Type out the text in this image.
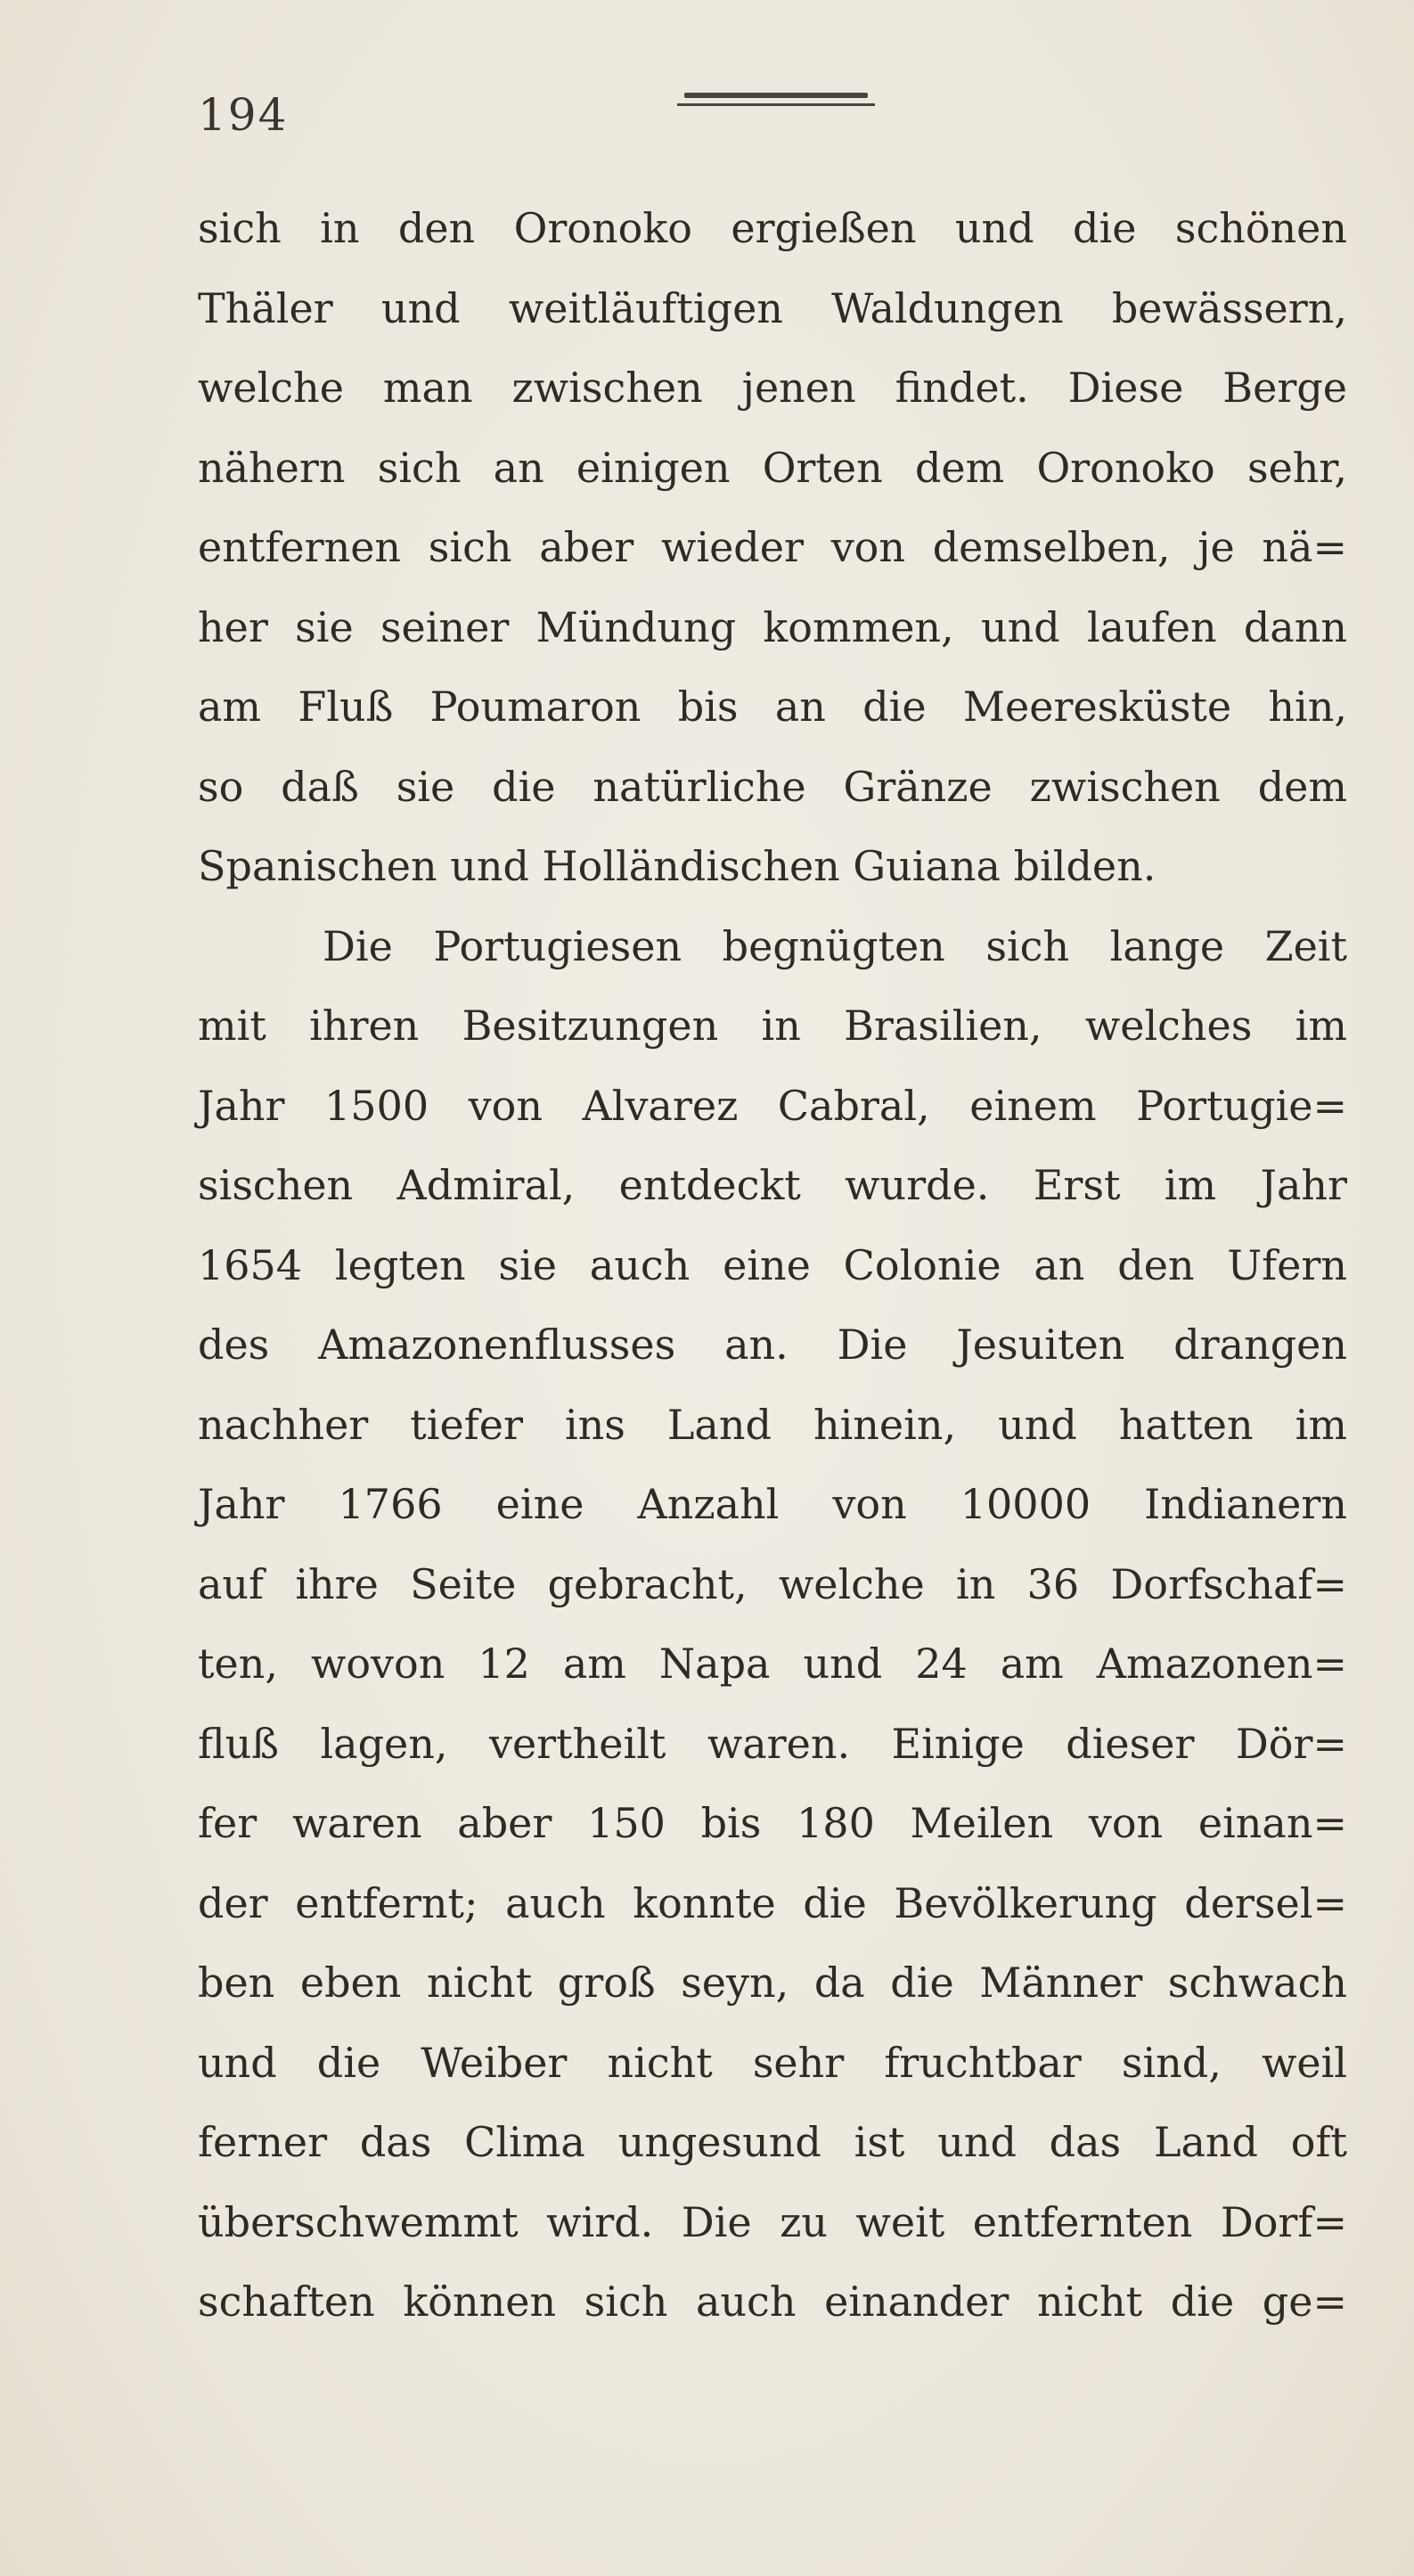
194
sich in den Oronoko ergießen und die schönen
Thäler und weitläuftigen Waldungen bewässern,
welche man zwischen jenen findet. Diese Berge
nähern sich an einigen Orten dem Oronoko sehr,
entfernen sich aber wieder von demselben, je nä=
her sie seiner Mündung kommen, und laufen dann
am Fluß Poumaron bis an die Meeresküste hin,
so daß sie die natürliche Gränze zwischen dem
Spanischen und Holländischen Guiana bilden.
Die Portugiesen begnügten sich lange Zeit
mit ihren Besitzungen in Brasilien, welches im
Jahr 1500 von Alvarez Cabral, einem Portugie=
sischen Admiral, entdeckt wurde. Erst im Jahr
1654 legten sie auch eine Colonie an den Ufern
des Amazonenflusses an. Die Jesuiten drangen
nachher tiefer ins Land hinein, und hatten im
Jahr 1766 eine Anzahl von 10000 Indianern
auf ihre Seite gebracht, welche in 36 Dorfschaf=
ten, wovon 12 am Napa und 24 am Amazonen=
fluß lagen, vertheilt waren. Einige dieser Dör=
fer waren aber 150 bis 180 Meilen von einan=
der entfernt; auch konnte die Bevölkerung dersel=
ben eben nicht groß seyn, da die Männer schwach
und die Weiber nicht sehr fruchtbar sind, weil
ferner das Clima ungesund ist und das Land oft
überschwemmt wird. Die zu weit entfernten Dorf=
schaften können sich auch einander nicht die ge=
